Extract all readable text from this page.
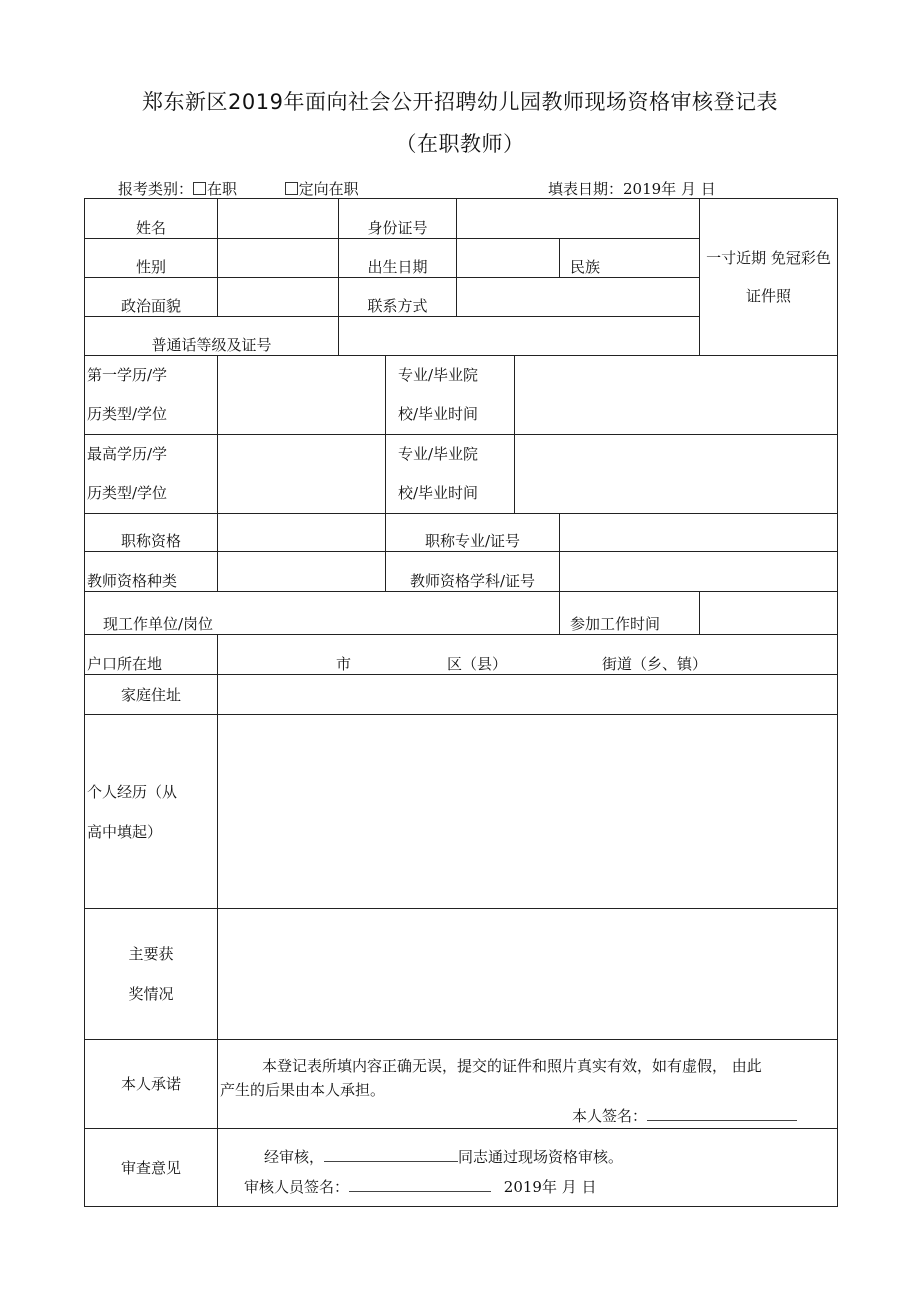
郑东新区2019年面向社会公开招聘幼儿园教师现场资格审核登记表
（在职教师）
报考类别： 在职	定向在职	填表日期：2019年 月 日
姓名		身份证号					一寸近期 免冠彩色 证件照

性别		出生日期				民族	
政治面貌		联系方式					
普通话等级及证号							

第一学历/学
历类型/学位			专业/毕业院
校/毕业时间				

最高学历/学
历类型/学位			专业/毕业院
校/毕业时间				

职称资格			职称专业/证号				
教师资格种类			教师资格学科/证号				
现工作单位/岗位						参加工作时间	
户口所在地	市 区（县） 街道（乡、镇）						

家庭住址							

个人经历（从
高中填起）							

主要获
奖情况							

本人承诺	本登记表所填内容正确无误，提交的证件和照片真实有效，如有虚假， 由此
产生的后果由本人承担。
本人签名：						

审查意见	经审核， 同志通过现场资格审核。
审核人员签名： 2019年 月 日						
